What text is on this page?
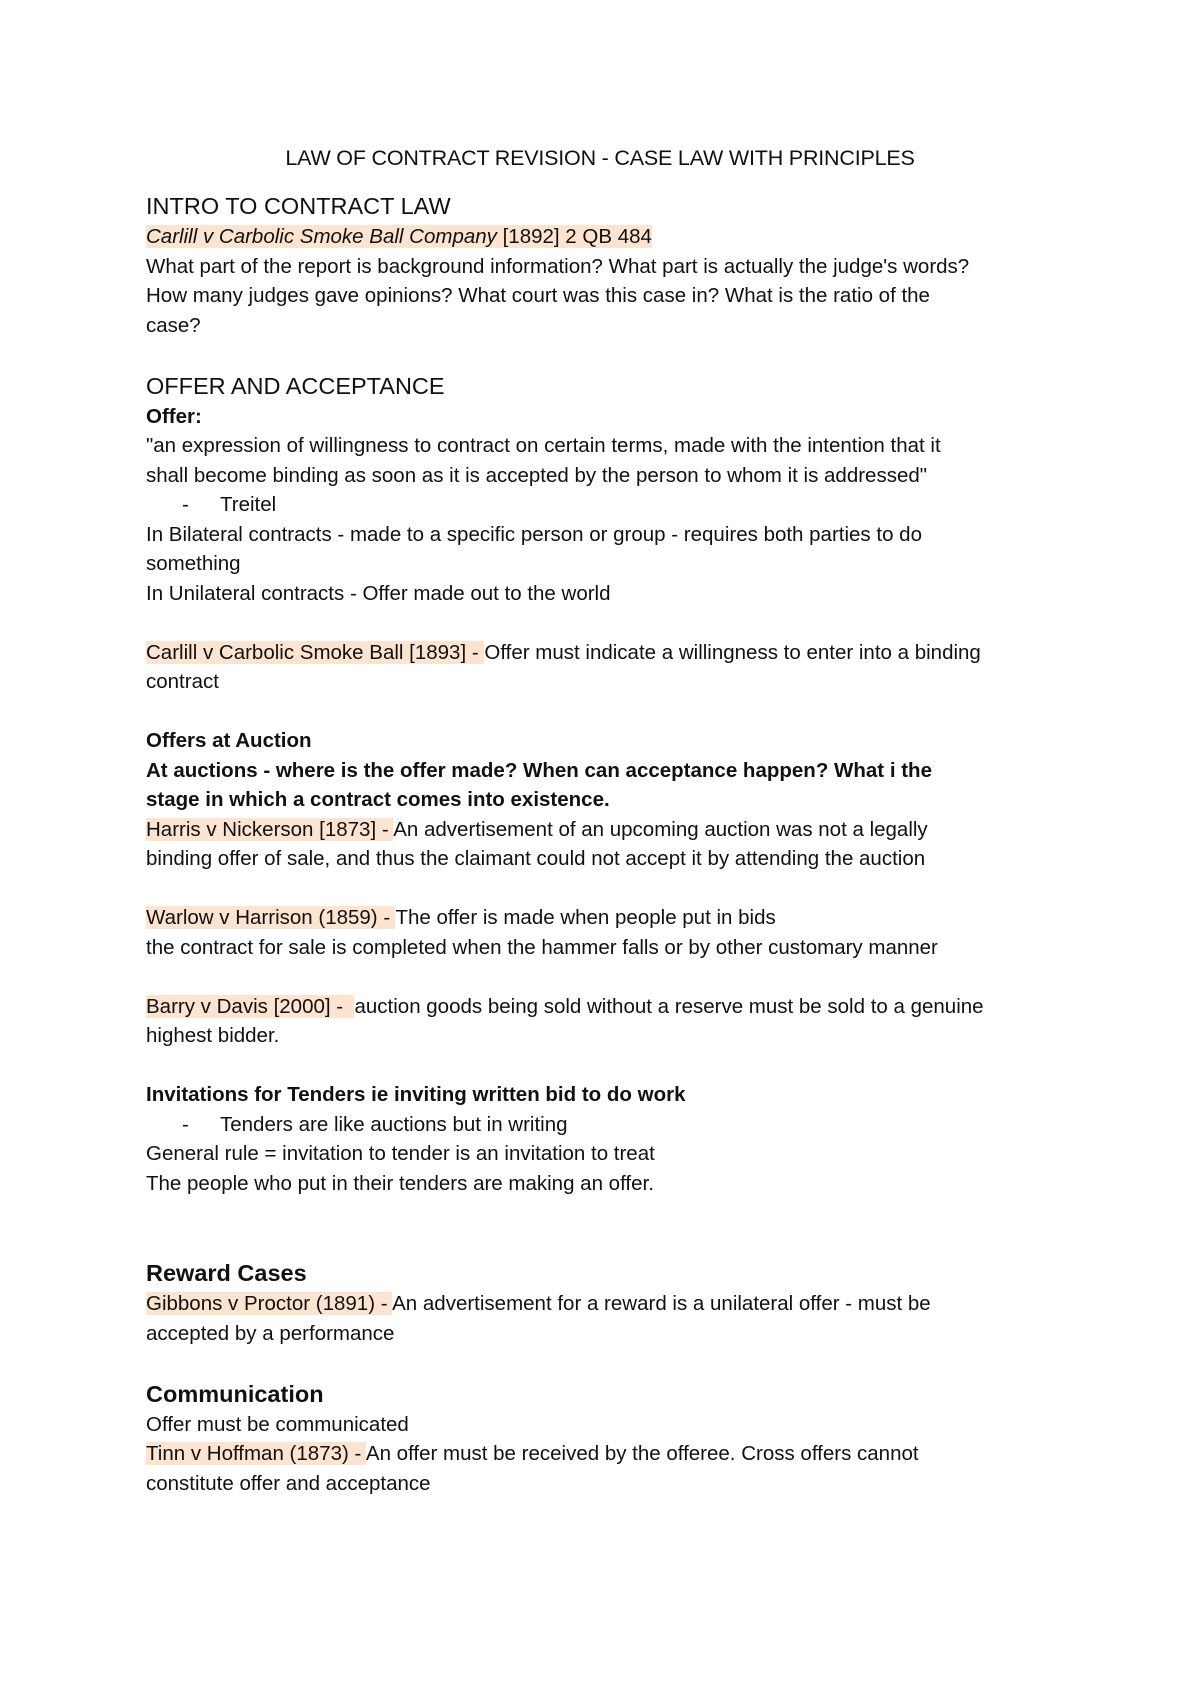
LAW OF CONTRACT REVISION - CASE LAW WITH PRINCIPLES
INTRO TO CONTRACT LAW

Carlill v Carbolic Smoke Ball Company [1892] 2 QB 484

What part of the report is background information? What part is actually the judge's words?

How many judges gave opinions? What court was this case in? What is the ratio of the

case?

OFFER AND ACCEPTANCE

Offer:

"an expression of willingness to contract on certain terms, made with the intention that it

shall become binding as soon as it is accepted by the person to whom it is addressed"

- Treitel

In Bilateral contracts - made to a specific person or group - requires both parties to do

something

In Unilateral contracts - Offer made out to the world

Carlill v Carbolic Smoke Ball [1893] - Offer must indicate a willingness to enter into a binding

contract

Offers at Auction

At auctions - where is the offer made? When can acceptance happen? What i the

stage in which a contract comes into existence.

Harris v Nickerson [1873] - An advertisement of an upcoming auction was not a legally

binding offer of sale, and thus the claimant could not accept it by attending the auction

Warlow v Harrison (1859) - The offer is made when people put in bids

the contract for sale is completed when the hammer falls or by other customary manner

Barry v Davis [2000] -  auction goods being sold without a reserve must be sold to a genuine

highest bidder.

Invitations for Tenders ie inviting written bid to do work

- Tenders are like auctions but in writing

General rule = invitation to tender is an invitation to treat

The people who put in their tenders are making an offer.

Reward Cases

Gibbons v Proctor (1891) - An advertisement for a reward is a unilateral offer - must be

accepted by a performance

Communication

Offer must be communicated

Tinn v Hoffman (1873) - An offer must be received by the offeree. Cross offers cannot

constitute offer and acceptance
